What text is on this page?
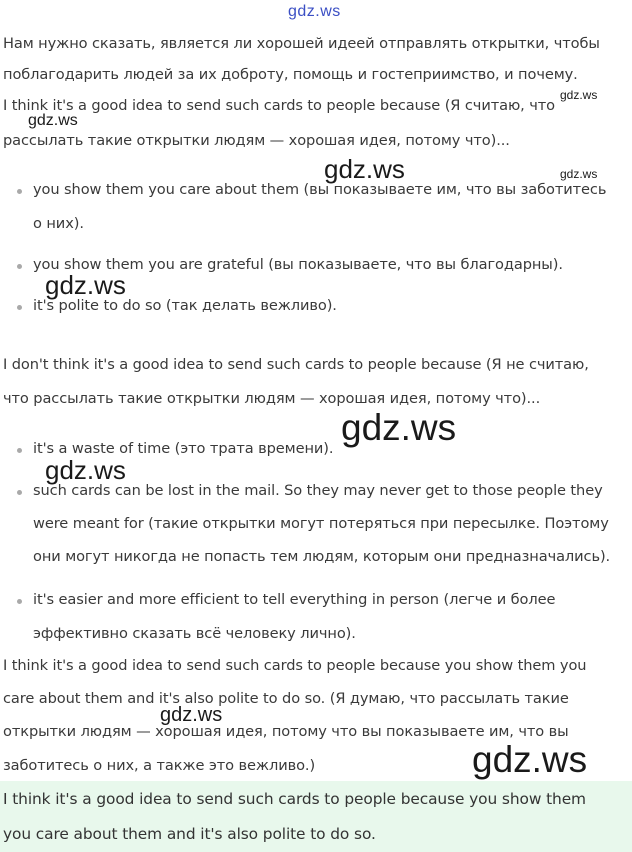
gdz.ws
Нам нужно сказать, является ли хорошей идеей отправлять открытки, чтобы
поблагодарить людей за их доброту, помощь и гостеприимство, и почему.
I think it's a good idea to send such cards to people because (Я считаю, что
рассылать такие открытки людям — хорошая идея, потому что)...
you show them you care about them (вы показываете им, что вы заботитесь
о них).
you show them you are grateful (вы показываете, что вы благодарны).
it's polite to do so (так делать вежливо).
I don't think it's a good idea to send such cards to people because (Я не считаю,
что рассылать такие открытки людям — хорошая идея, потому что)...
it's a waste of time (это трата времени).
such cards can be lost in the mail. So they may never get to those people they
were meant for (такие открытки могут потеряться при пересылке. Поэтому
они могут никогда не попасть тем людям, которым они предназначались).
it's easier and more efficient to tell everything in person (легче и более
эффективно сказать всё человеку лично).
I think it's a good idea to send such cards to people because you show them you
care about them and it's also polite to do so. (Я думаю, что рассылать такие
открытки людям — хорошая идея, потому что вы показываете им, что вы
заботитесь о них, а также это вежливо.)
I think it's a good idea to send such cards to people because you show them
you care about them and it's also polite to do so.
gdz.ws
gdz.ws
gdz.ws	gdz.ws
gdz.ws
gdz.ws
gdz.ws
gdz.ws
gdz.ws
